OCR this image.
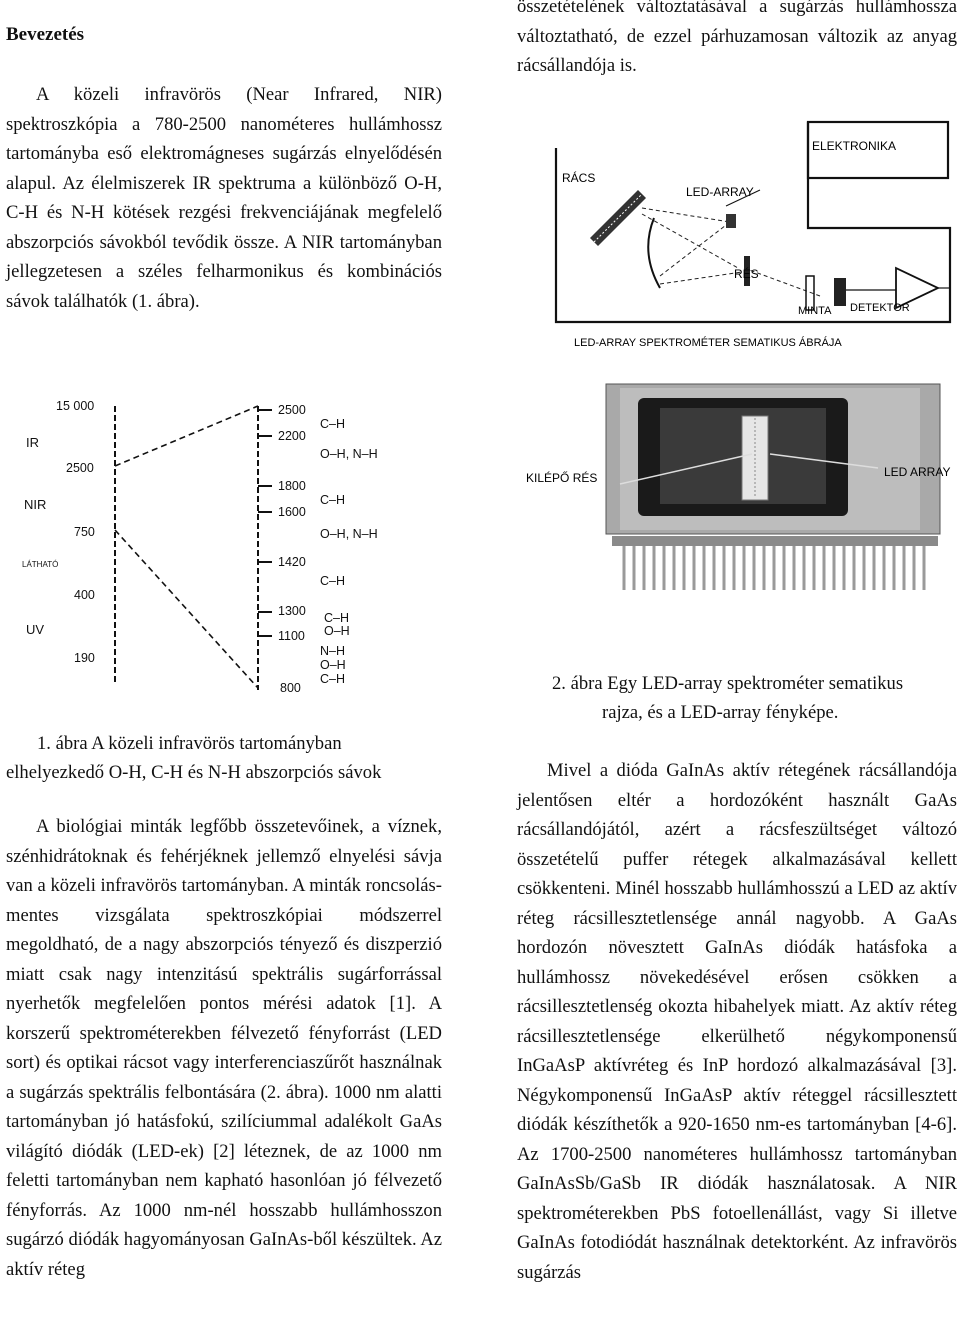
Bevezetés

A közeli infravörös (Near Infrared, NIR) spektroszkópia a 780-2500 nanométeres hullámhossz tartományba eső elektromágneses sugárzás elnyelődésén alapul. Az élelmiszerek IR spektruma a különböző O-H, C-H és N-H kötések rezgési frekvenciájának megfelelő abszorpciós sávokból tevődik össze. A NIR tartományban jellegzetesen a széles felharmonikus és kombinációs sávok találhatók (1. ábra).

összetételének változtatásával a sugárzás hullámhossza változtatható, de ezzel párhuzamosan változik az anyag rácsállandója is.

ELEKTRONIKA
RÁCS
LED-ARRAY
RÉS
MINTA DETEKTOR
LED-ARRAY SPEKTROMÉTER SEMATIKUS ÁBRÁJA
IR
NIR
LÁTHATÓ
UV
15 000
2500
750
400
190
2500
2200
1800
1600
1420
1300
1100
800
C–H
O–H, N–H
C–H
O–H, N–H
C–H
C–H
O–H
N–H
O–H
C–H
KILÉPŐ RÉS	LED ARRAY
2. ábra Egy LED-array spektrométer sematikus
rajza, és a LED-array fényképe.
1. ábra A közeli infravörös tartományban
elhelyezkedő O-H, C-H és N-H abszorpciós sávok

A biológiai minták legfőbb összetevőinek, a víznek, szénhidrátoknak és fehérjéknek jellemző elnyelési sávja van a közeli infravörös tartományban. A minták roncsolás-mentes vizsgálata spektroszkópiai módszerrel megoldható, de a nagy abszorpciós tényező és diszperzió miatt csak nagy intenzitású spektrális sugárforrással nyerhetők megfelelően pontos mérési adatok [1]. A korszerű spektrométerekben félvezető fényforrást (LED sort) és optikai rácsot vagy interferenciaszűrőt használnak a sugárzás spektrális felbontására (2. ábra). 1000 nm alatti tartományban jó hatásfokú, szilíciummal adalékolt GaAs világító diódák (LED-ek) [2] léteznek, de az 1000 nm feletti tartományban nem kapható hasonlóan jó félvezető fényforrás. Az 1000 nm-nél hosszabb hullámhosszon sugárzó diódák hagyományosan GaInAs-ből készültek. Az aktív réteg

Mivel a dióda GaInAs aktív rétegének rácsállandója jelentősen eltér a hordozóként használt GaAs rácsállandójától, azért a rácsfeszültséget változó összetételű puffer rétegek alkalmazásával kellett csökkenteni. Minél hosszabb hullámhosszú a LED az aktív réteg rácsillesztetlensége annál nagyobb. A GaAs hordozón növesztett GaInAs diódák hatásfoka a hullámhossz növekedésével erősen csökken a rácsillesztetlenség okozta hibahelyek miatt. Az aktív réteg rácsillesztetlensége elkerülhető négykomponensű InGaAsP aktívréteg és InP hordozó alkalmazásával [3]. Négykomponensű InGaAsP aktív réteggel rácsillesztett diódák készíthetők a 920-1650 nm-es tartományban [4-6]. Az 1700-2500 nanométeres hullámhossz tartományban GaInAsSb/GaSb IR diódák használatosak. A NIR spektrométerekben PbS fotoellenállást, vagy Si illetve GaInAs fotodiódát használnak detektorként. Az infravörös sugárzás
